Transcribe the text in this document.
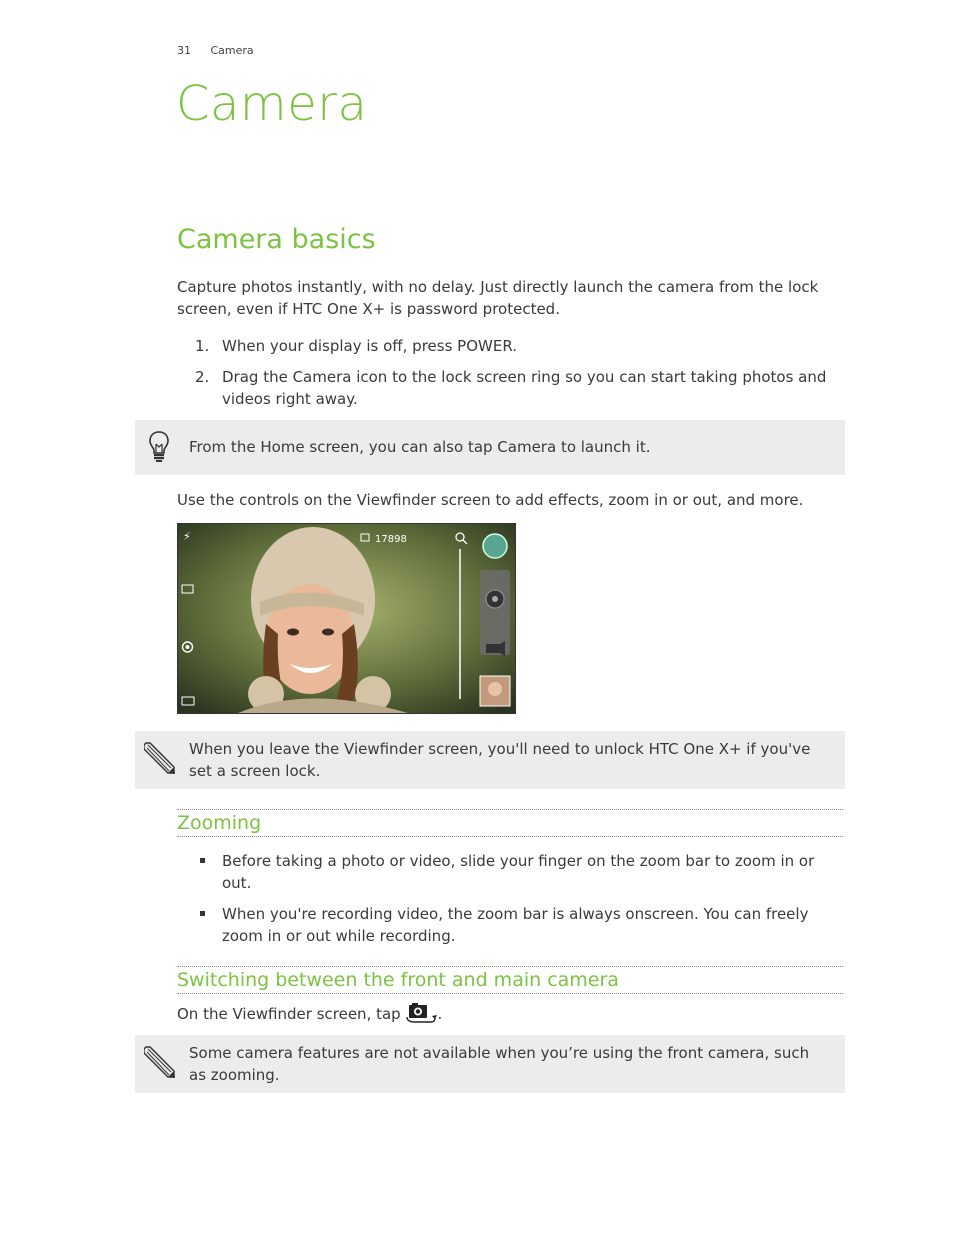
31 Camera
Camera
Camera basics
Capture photos instantly, with no delay. Just directly launch the camera from the lock screen, even if HTC One X+ is password protected.
1. When your display is off, press POWER.
2. Drag the Camera icon to the lock screen ring so you can start taking photos and
videos right away.
From the Home screen, you can also tap Camera to launch it.
Use the controls on the Viewfinder screen to add effects, zoom in or out, and more.
⚡	17898
When you leave the Viewfinder screen, you'll need to unlock HTC One X+ if you've
set a screen lock.
Zooming
Before taking a photo or video, slide your finger on the zoom bar to zoom in or
out.
When you're recording video, the zoom bar is always onscreen. You can freely
zoom in or out while recording.
Switching between the front and main camera
On the Viewfinder screen, tap .
Some camera features are not available when you’re using the front camera, such
as zooming.
